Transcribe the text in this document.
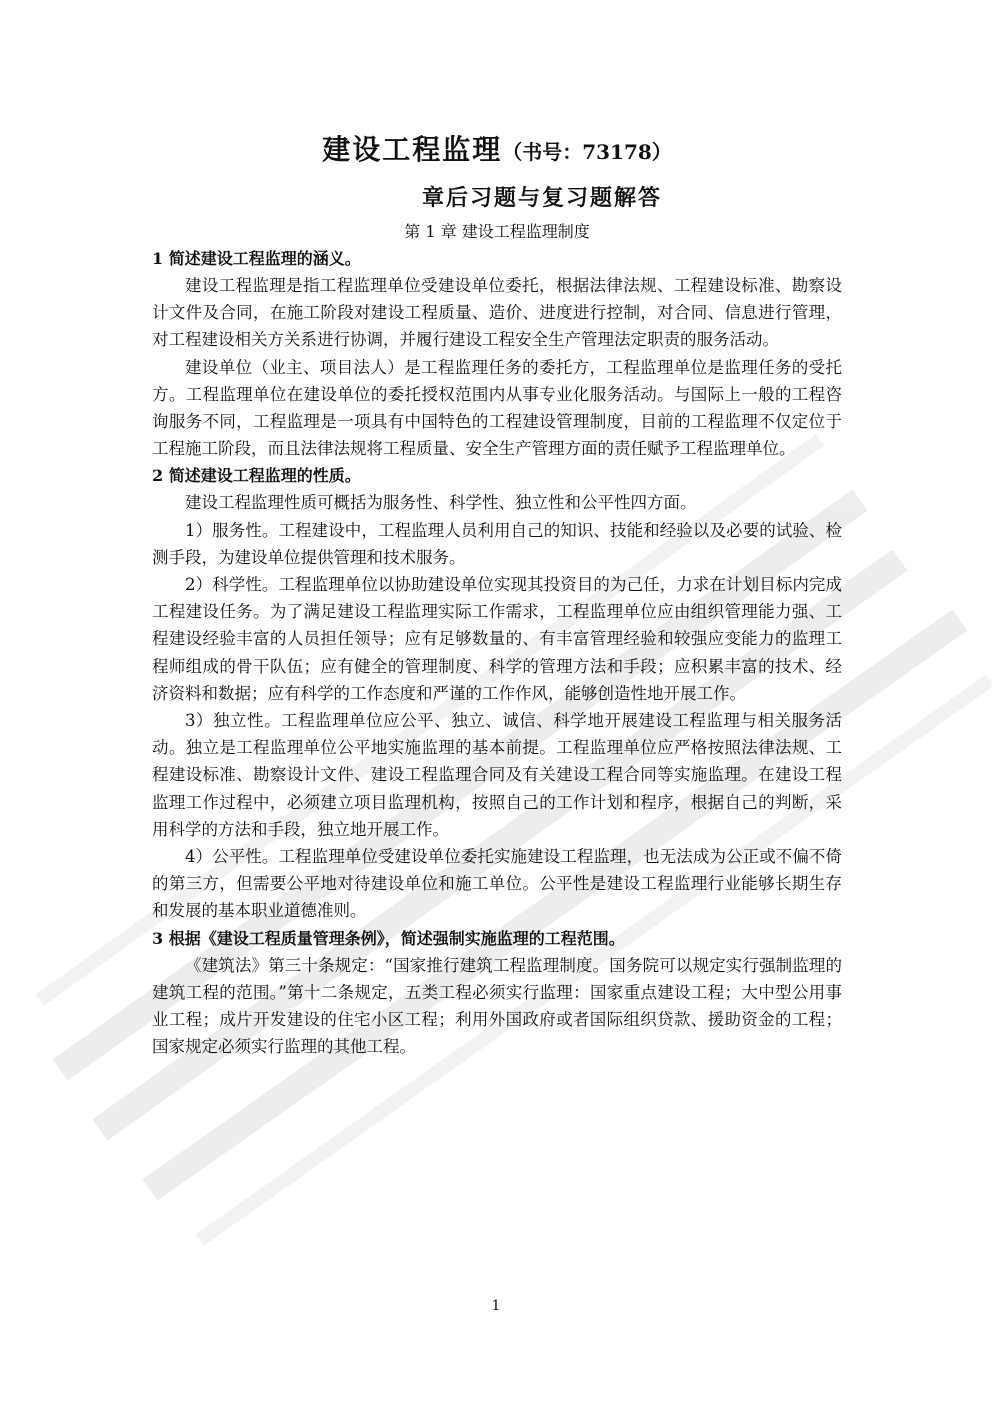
建设工程监理（书号：73178）
章后习题与复习题解答
第 1 章 建设工程监理制度
1 简述建设工程监理的涵义。

建设工程监理是指工程监理单位受建设单位委托，根据法律法规、工程建设标准、勘察设计文件及合同，在施工阶段对建设工程质量、造价、进度进行控制，对合同、信息进行管理，对工程建设相关方关系进行协调，并履行建设工程安全生产管理法定职责的服务活动。

建设单位（业主、项目法人）是工程监理任务的委托方，工程监理单位是监理任务的受托方。工程监理单位在建设单位的委托授权范围内从事专业化服务活动。与国际上一般的工程咨询服务不同，工程监理是一项具有中国特色的工程建设管理制度，目前的工程监理不仅定位于工程施工阶段，而且法律法规将工程质量、安全生产管理方面的责任赋予工程监理单位。

2 简述建设工程监理的性质。

建设工程监理性质可概括为服务性、科学性、独立性和公平性四方面。

1）服务性。工程建设中，工程监理人员利用自己的知识、技能和经验以及必要的试验、检测手段，为建设单位提供管理和技术服务。

2）科学性。工程监理单位以协助建设单位实现其投资目的为己任，力求在计划目标内完成工程建设任务。为了满足建设工程监理实际工作需求，工程监理单位应由组织管理能力强、工程建设经验丰富的人员担任领导；应有足够数量的、有丰富管理经验和较强应变能力的监理工程师组成的骨干队伍；应有健全的管理制度、科学的管理方法和手段；应积累丰富的技术、经济资料和数据；应有科学的工作态度和严谨的工作作风，能够创造性地开展工作。

3）独立性。工程监理单位应公平、独立、诚信、科学地开展建设工程监理与相关服务活动。独立是工程监理单位公平地实施监理的基本前提。工程监理单位应严格按照法律法规、工程建设标准、勘察设计文件、建设工程监理合同及有关建设工程合同等实施监理。在建设工程监理工作过程中，必须建立项目监理机构，按照自己的工作计划和程序，根据自己的判断，采用科学的方法和手段，独立地开展工作。

4）公平性。工程监理单位受建设单位委托实施建设工程监理，也无法成为公正或不偏不倚的第三方，但需要公平地对待建设单位和施工单位。公平性是建设工程监理行业能够长期生存和发展的基本职业道德准则。

3 根据《建设工程质量管理条例》，简述强制实施监理的工程范围。

《建筑法》第三十条规定：“国家推行建筑工程监理制度。国务院可以规定实行强制监理的建筑工程的范围。”第十二条规定，五类工程必须实行监理：国家重点建设工程；大中型公用事业工程；成片开发建设的住宅小区工程；利用外国政府或者国际组织贷款、援助资金的工程；国家规定必须实行监理的其他工程。

1
